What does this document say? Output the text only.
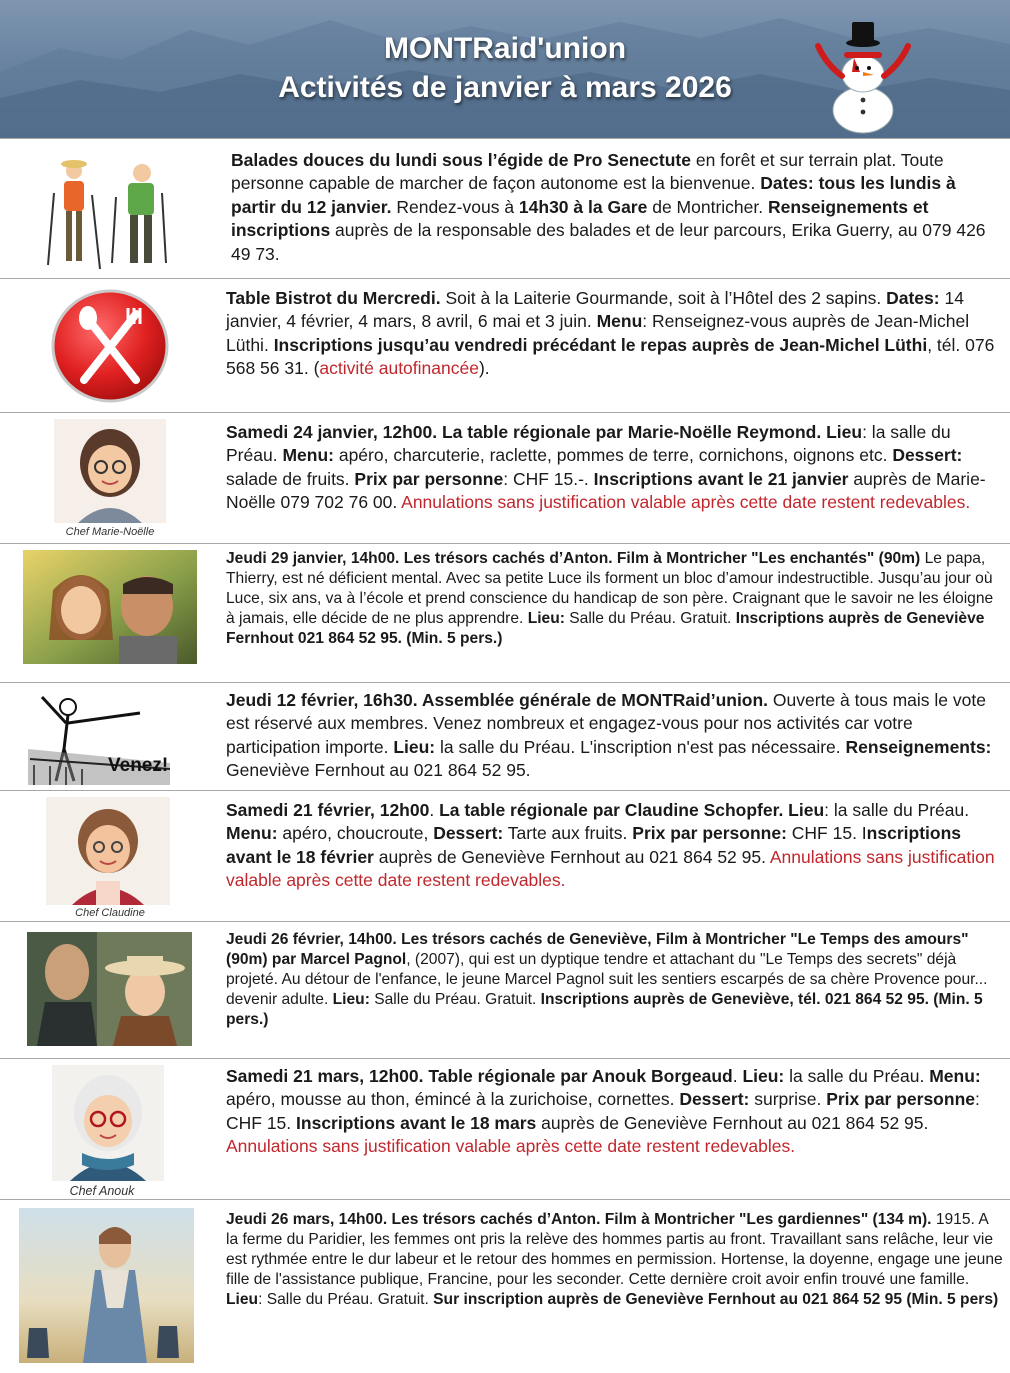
MONTRaid'union
Activités de janvier à mars 2026
Balades douces du lundi sous l’égide de Pro Senectute en forêt et sur terrain plat. Toute personne capable de marcher de façon autonome est la bienvenue. Dates: tous les lundis à partir du 12 janvier. Rendez-vous à 14h30 à la Gare de Montricher. Renseignements et inscriptions auprès de la responsable des balades et de leur parcours, Erika Guerry, au 079 426 49 73.
Table Bistrot du Mercredi. Soit à la Laiterie Gourmande, soit à l’Hôtel des 2 sapins. Dates: 14 janvier, 4 février, 4 mars, 8 avril, 6 mai et 3 juin. Menu: Renseignez-vous auprès de Jean-Michel Lüthi. Inscriptions jusqu’au vendredi précédant le repas auprès de Jean-Michel Lüthi, tél. 076 568 56 31. (activité autofinancée).
Chef Marie-Noëlle
Samedi 24 janvier, 12h00. La table régionale par Marie-Noëlle Reymond. Lieu: la salle du Préau. Menu: apéro, charcuterie, raclette, pommes de terre, cornichons, oignons etc. Dessert: salade de fruits. Prix par personne: CHF 15.-. Inscriptions avant le 21 janvier auprès de Marie-Noëlle 079 702 76 00. Annulations sans justification valable après cette date restent redevables.
Jeudi 29 janvier, 14h00. Les trésors cachés d’Anton. Film à Montricher "Les enchantés" (90m) Le papa, Thierry, est né déficient mental. Avec sa petite Luce ils forment un bloc d’amour indestructible. Jusqu’au jour où Luce, six ans, va à l’école et prend conscience du handicap de son père. Craignant que le savoir ne les éloigne à jamais, elle décide de ne plus apprendre. Lieu: Salle du Préau. Gratuit. Inscriptions auprès de Geneviève Fernhout 021 864 52 95. (Min. 5 pers.)
Venez!
Jeudi 12 février, 16h30. Assemblée générale de MONTRaid’union. Ouverte à tous mais le vote est réservé aux membres. Venez nombreux et engagez-vous pour nos activités car votre participation importe. Lieu: la salle du Préau. L'inscription n'est pas nécessaire. Renseignements: Geneviève Fernhout au 021 864 52 95.
Chef Claudine
Samedi 21 février, 12h00. La table régionale par Claudine Schopfer. Lieu: la salle du Préau. Menu: apéro, choucroute, Dessert: Tarte aux fruits. Prix par personne: CHF 15. Inscriptions avant le 18 février auprès de Geneviève Fernhout au 021 864 52 95. Annulations sans justification valable après cette date restent redevables.
Jeudi 26 février, 14h00. Les trésors cachés de Geneviève, Film à Montricher "Le Temps des amours" (90m) par Marcel Pagnol, (2007), qui est un dyptique tendre et attachant du "Le Temps des secrets" déjà projeté. Au détour de l'enfance, le jeune Marcel Pagnol suit les sentiers escarpés de sa chère Provence pour... devenir adulte. Lieu: Salle du Préau. Gratuit. Inscriptions auprès de Geneviève, tél. 021 864 52 95. (Min. 5 pers.)
Chef Anouk
Samedi 21 mars, 12h00. Table régionale par Anouk Borgeaud. Lieu: la salle du Préau. Menu: apéro, mousse au thon, émincé à la zurichoise, cornettes. Dessert: surprise. Prix par personne: CHF 15. Inscriptions avant le 18 mars auprès de Geneviève Fernhout au 021 864 52 95. Annulations sans justification valable après cette date restent redevables.
Jeudi 26 mars, 14h00. Les trésors cachés d’Anton. Film à Montricher "Les gardiennes" (134 m). 1915. A la ferme du Paridier, les femmes ont pris la relève des hommes partis au front. Travaillant sans relâche, leur vie est rythmée entre le dur labeur et le retour des hommes en permission. Hortense, la doyenne, engage une jeune fille de l'assistance publique, Francine, pour les seconder. Cette dernière croit avoir enfin trouvé une famille. Lieu: Salle du Préau. Gratuit. Sur inscription auprès de Geneviève Fernhout au 021 864 52 95 (Min. 5 pers)
